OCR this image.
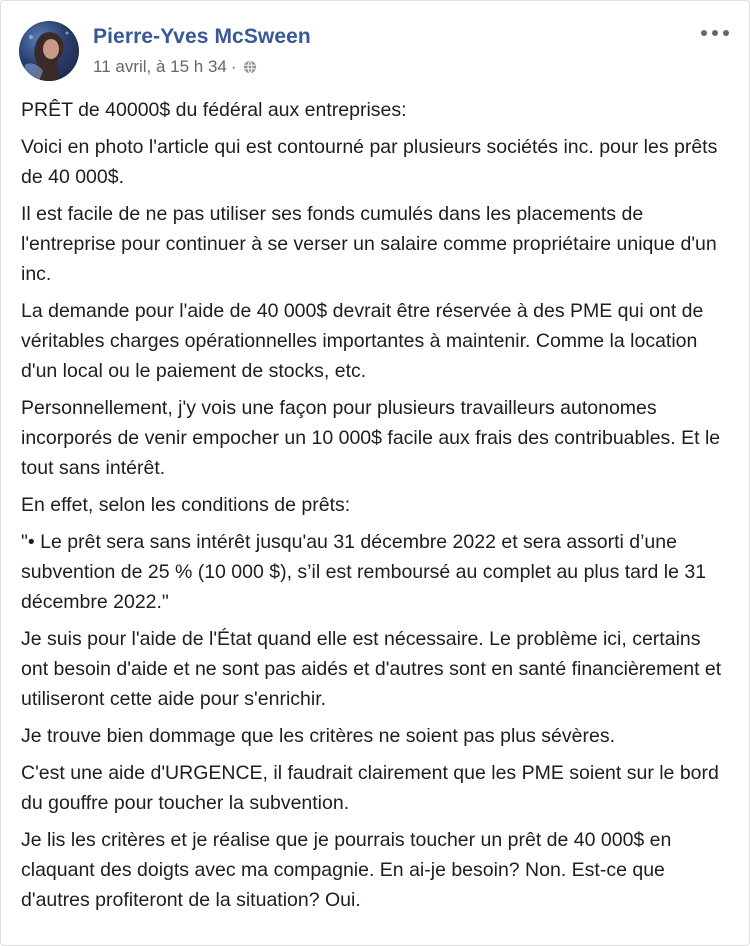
Pierre-Yves McSween
11 avril, à 15 h 34 ·

PRÊT de 40000$ du fédéral aux entreprises:

Voici en photo l'article qui est contourné par plusieurs sociétés inc. pour les prêts de 40 000$.

Il est facile de ne pas utiliser ses fonds cumulés dans les placements de l'entreprise pour continuer à se verser un salaire comme propriétaire unique d'un inc.

La demande pour l'aide de 40 000$ devrait être réservée à des PME qui ont de véritables charges opérationnelles importantes à maintenir. Comme la location d'un local ou le paiement de stocks, etc.

Personnellement, j'y vois une façon pour plusieurs travailleurs autonomes incorporés de venir empocher un 10 000$ facile aux frais des contribuables. Et le tout sans intérêt.

En effet, selon les conditions de prêts:

"• Le prêt sera sans intérêt jusqu'au 31 décembre 2022 et sera assorti d’une subvention de 25 % (10 000 $), s’il est remboursé au complet au plus tard le 31 décembre 2022."

Je suis pour l'aide de l'État quand elle est nécessaire. Le problème ici, certains ont besoin d'aide et ne sont pas aidés et d'autres sont en santé financièrement et utiliseront cette aide pour s'enrichir.

Je trouve bien dommage que les critères ne soient pas plus sévères.

C'est une aide d'URGENCE, il faudrait clairement que les PME soient sur le bord du gouffre pour toucher la subvention.

Je lis les critères et je réalise que je pourrais toucher un prêt de 40 000$ en claquant des doigts avec ma compagnie. En ai-je besoin? Non. Est-ce que d'autres profiteront de la situation? Oui.
